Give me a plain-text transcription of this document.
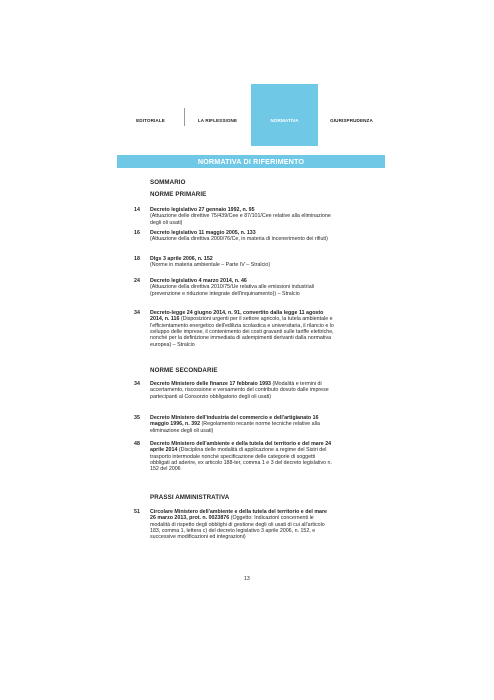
EDITORIALE	LA RIFLESSIONE	NORMATIVA	GIURISPRUDENZA
NORMATIVA DI RIFERIMENTO
SOMMARIO
NORME PRIMARIE
14	Decreto legislativo 27 gennaio 1992, n. 95
(Attuazione delle direttive 75/439/Cee e 87/101/Cee relative alla eliminazione degli oli usati)
16	Decreto legislativo 11 maggio 2005, n. 133
(Attuazione della direttiva 2000/76/Ce, in materia di incenerimento dei rifiuti)
18	Dlgs 3 aprile 2006, n. 152
(Norme in materia ambientale – Parte IV – Stralcio)
24	Decreto legislativo 4 marzo 2014, n. 46
(Attuazione della direttiva 2010/75/Ue relativa alle emissioni industriali (prevenzione e riduzione integrate dell'inquinamento)) – Stralcio
34	Decreto-legge 24 giugno 2014, n. 91, convertito dalla legge 11 agosto 2014, n. 116 (Disposizioni urgenti per il settore agricolo, la tutela ambientale e l'efficientamento energetico dell'edilizia scolastica e universitaria, il rilancio e lo sviluppo delle imprese, il contenimento dei costi gravanti sulle tariffe elettriche, nonché per la definizione immediata di adempimenti derivanti dalla normativa europea) – Stralcio
NORME SECONDARIE
34	Decreto Ministero delle finanze 17 febbraio 1993 (Modalità e termini di accertamento, riscossione e versamento del contributo dovuto dalle imprese partecipanti al Consorzio obbligatorio degli oli usati)
35	Decreto Ministero dell'industria del commercio e dell'artigianato 16 maggio 1996, n. 392 (Regolamento recante norme tecniche relative alla eliminazione degli oli usati)
48	Decreto Ministero dell'ambiente e della tutela del territorio e del mare 24 aprile 2014 (Disciplina delle modalità di applicazione a regime del Sistri del trasporto intermodale nonché specificazione delle categorie di soggetti obbligati ad aderire, ex articolo 188-ter, comma 1 e 3 del decreto legislativo n. 152 del 2006
PRASSI AMMINISTRATIVA
51	Circolare Ministero dell'ambiente e della tutela del territorio e del mare 26 marzo 2013, prot. n. 0023876 (Oggetto: Indicazioni concernenti le modalità di rispetto degli obblighi di gestione degli oli usati di cui all'articolo 183, comma 1, lettera c) del decreto legislativo 3 aprile 2006, n. 152, e successive modificazioni ed integrazioni)
13
